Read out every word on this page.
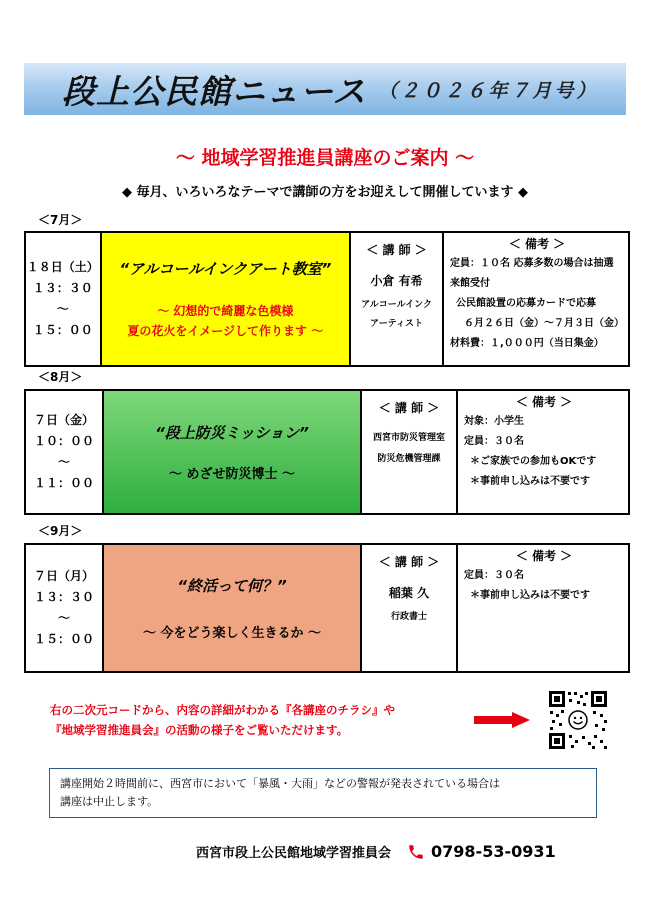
段上公民館ニュース （２０２６年７月号）
〜 地域学習推進員講座のご案内 〜
◆ 毎月、いろいろなテーマで講師の方をお迎えして開催しています ◆
＜7月＞
１８日（土）
１３：３０
〜
１５：００
“アルコールインクアート教室”
〜 幻想的で綺麗な色模様
夏の花火をイメージして作ります 〜
＜ 講 師 ＞
小倉 有希
アルコールインク
アーティスト
＜ 備考 ＞
定員：１０名 応募多数の場合は抽選
来館受付
公民館設置の応募カードで応募
６月２６日（金）〜７月３日（金）
材料費：１,０００円（当日集金）
＜8月＞
７日（金）
１０：００
〜
１１：００
“段上防災ミッション”
〜 めざせ防災博士 〜
＜ 講 師 ＞
西宮市防災管理室
防災危機管理課
＜ 備考 ＞
対象：小学生
定員：３０名
＊ご家族での参加もOKです
＊事前申し込みは不要です
＜9月＞
７日（月）
１３：３０
〜
１５：００
“終活って何？”
〜 今をどう楽しく生きるか 〜
＜ 講 師 ＞
稲葉 久
行政書士
＜ 備考 ＞
定員：３０名
＊事前申し込みは不要です
右の二次元コードから、内容の詳細がわかる『各講座のチラシ』や
『地域学習推進員会』の活動の様子をご覧いただけます。
講座開始２時間前に、西宮市において「暴風・大雨」などの警報が発表されている場合は
講座は中止します。
西宮市段上公民館地域学習推員会	0798-53-0931
